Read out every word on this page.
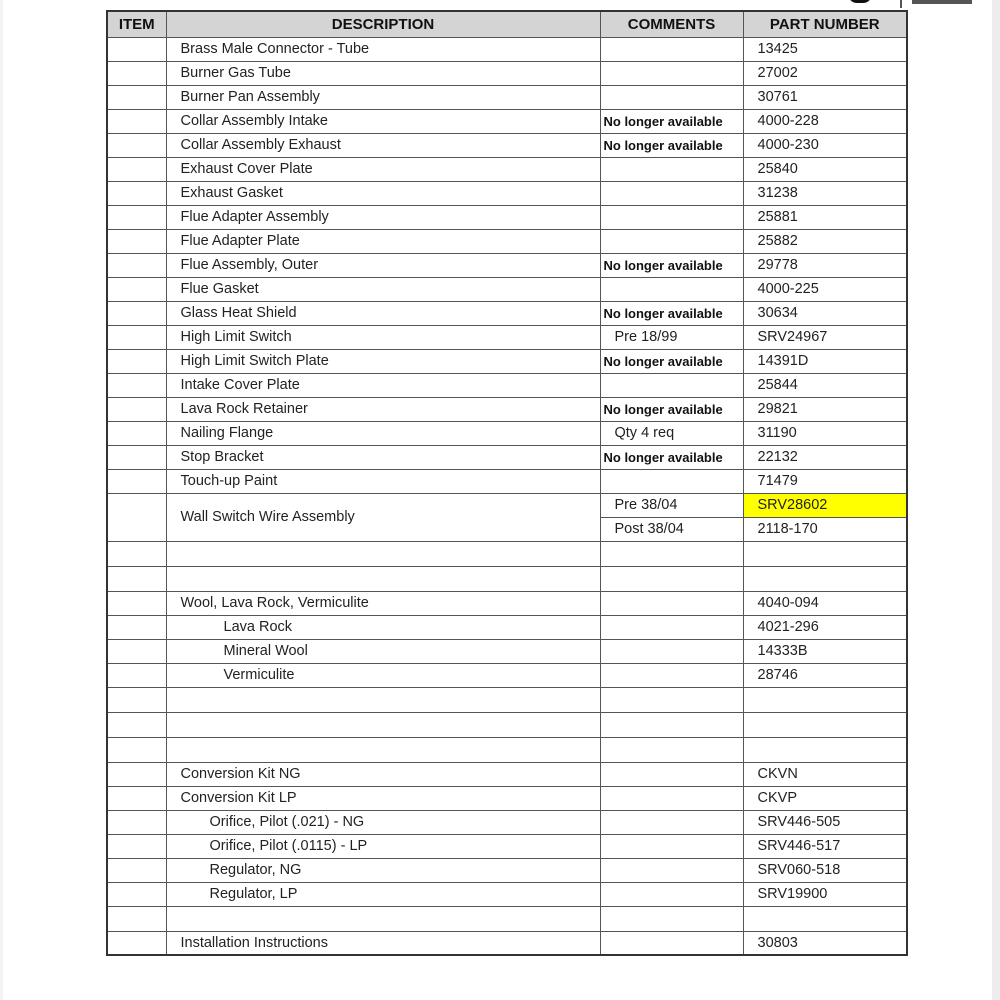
ITEM	DESCRIPTION	COMMENTS	PART NUMBER
	Brass Male Connector - Tube		13425
	Burner Gas Tube		27002
	Burner Pan Assembly		30761
	Collar Assembly Intake	No longer available	4000-228
	Collar Assembly Exhaust	No longer available	4000-230
	Exhaust Cover Plate		25840
	Exhaust Gasket		31238
	Flue Adapter Assembly		25881
	Flue Adapter Plate		25882
	Flue Assembly, Outer	No longer available	29778
	Flue Gasket		4000-225
	Glass Heat Shield	No longer available	30634
	High Limit Switch	Pre 18/99	SRV24967
	High Limit Switch Plate	No longer available	14391D
	Intake Cover Plate		25844
	Lava Rock Retainer	No longer available	29821
	Nailing Flange	Qty 4 req	31190
	Stop Bracket	No longer available	22132
	Touch-up Paint		71479
	Wall Switch Wire Assembly	Pre 38/04	SRV28602
		Post 38/04	2118-170

	Wool, Lava Rock, Vermiculite		4040-094
	Lava Rock		4021-296
	Mineral Wool		14333B
	Vermiculite		28746

	Conversion Kit NG		CKVN
	Conversion Kit LP		CKVP
	Orifice, Pilot (.021) - NG		SRV446-505
	Orifice, Pilot (.0115) - LP		SRV446-517
	Regulator, NG		SRV060-518
	Regulator, LP		SRV19900

	Installation Instructions		30803
